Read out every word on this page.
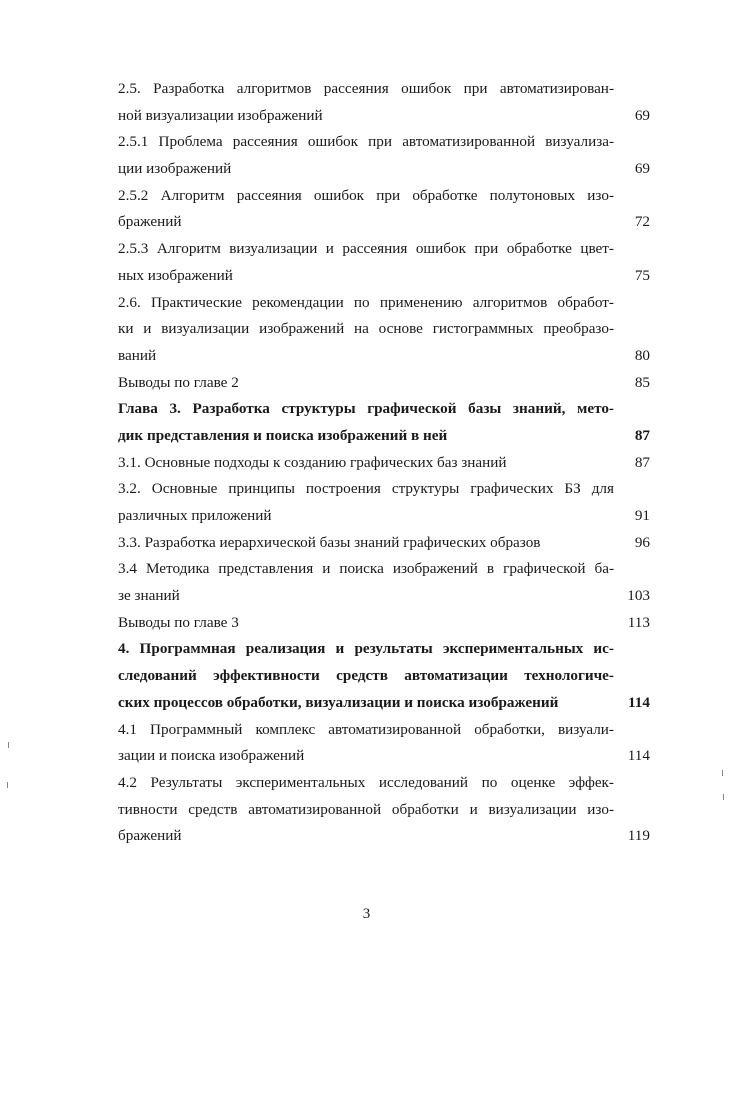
2.5. Разработка алгоритмов рассеяния ошибок при автоматизирован-
ной визуализации изображений	69
2.5.1 Проблема рассеяния ошибок при автоматизированной визуализа-
ции изображений	69
2.5.2 Алгоритм рассеяния ошибок при обработке полутоновых изо-
бражений	72
2.5.3 Алгоритм визуализации и рассеяния ошибок при обработке цвет-
ных изображений	75
2.6. Практические рекомендации по применению алгоритмов обработ-
ки и визуализации изображений на основе гистограммных преобразо-
ваний	80
Выводы по главе 2	85
Глава 3. Разработка структуры графической базы знаний, мето-
дик представления и поиска изображений в ней	87
3.1. Основные подходы к созданию графических баз знаний	87
3.2. Основные принципы построения структуры графических БЗ для
различных приложений	91
3.3. Разработка иерархической базы знаний графических образов	96
3.4 Методика представления и поиска изображений в графической ба-
зе знаний	103
Выводы по главе 3	113
4. Программная реализация и результаты экспериментальных ис-
следований эффективности средств автоматизации технологиче-
ских процессов обработки, визуализации и поиска изображений	114
4.1 Программный комплекс автоматизированной обработки, визуали-
зации и поиска изображений	114
4.2 Результаты экспериментальных исследований по оценке эффек-
тивности средств автоматизированной обработки и визуализации изо-
бражений	119
3
